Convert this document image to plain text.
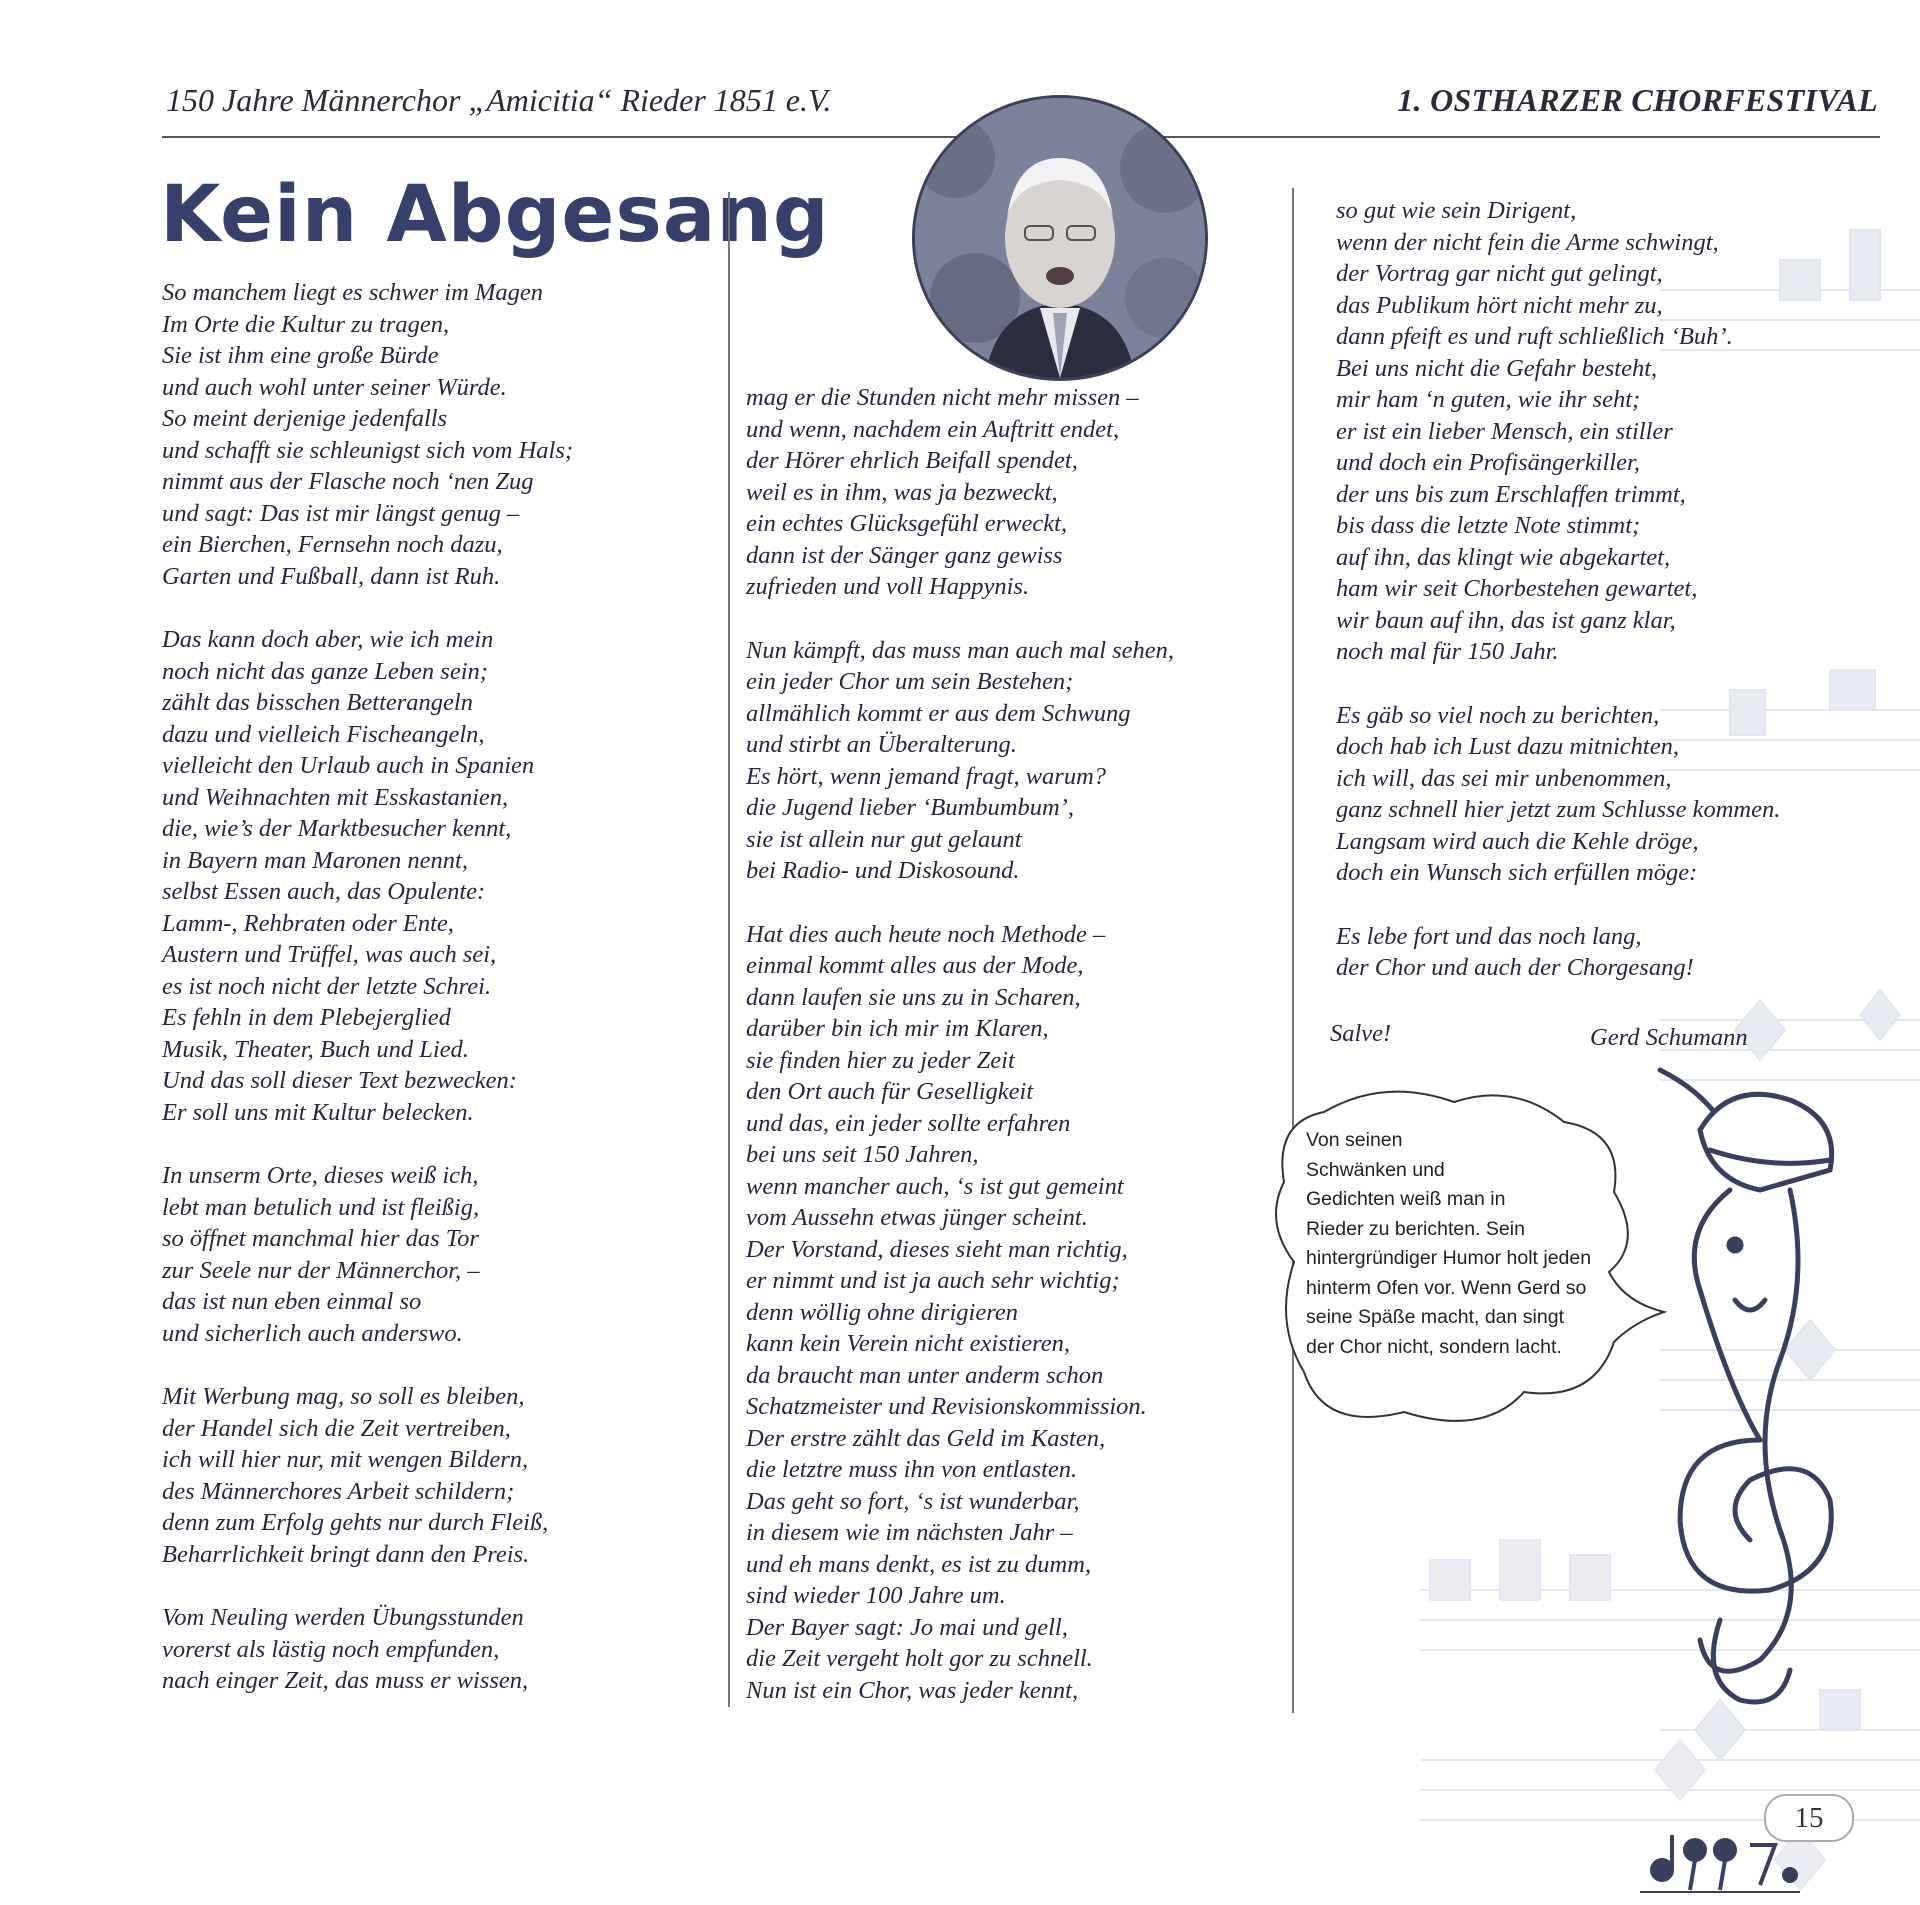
150 Jahre Männerchor „Amicitia“ Rieder 1851 e.V.	1. OSTHARZER CHORFESTIVAL
Kein Abgesang
So manchem liegt es schwer im Magen
Im Orte die Kultur zu tragen,
Sie ist ihm eine große Bürde
und auch wohl unter seiner Würde.
So meint derjenige jedenfalls
und schafft sie schleunigst sich vom Hals;
nimmt aus der Flasche noch ‘nen Zug
und sagt: Das ist mir längst genug –
ein Bierchen, Fernsehn noch dazu,
Garten und Fußball, dann ist Ruh.
Das kann doch aber, wie ich mein
noch nicht das ganze Leben sein;
zählt das bisschen Betterangeln
dazu und vielleich Fischeangeln,
vielleicht den Urlaub auch in Spanien
und Weihnachten mit Esskastanien,
die, wie’s der Marktbesucher kennt,
in Bayern man Maronen nennt,
selbst Essen auch, das Opulente:
Lamm-, Rehbraten oder Ente,
Austern und Trüffel, was auch sei,
es ist noch nicht der letzte Schrei.
Es fehln in dem Plebejerglied
Musik, Theater, Buch und Lied.
Und das soll dieser Text bezwecken:
Er soll uns mit Kultur belecken.
In unserm Orte, dieses weiß ich,
lebt man betulich und ist fleißig,
so öffnet manchmal hier das Tor
zur Seele nur der Männerchor, –
das ist nun eben einmal so
und sicherlich auch anderswo.
Mit Werbung mag, so soll es bleiben,
der Handel sich die Zeit vertreiben,
ich will hier nur, mit wengen Bildern,
des Männerchores Arbeit schildern;
denn zum Erfolg gehts nur durch Fleiß,
Beharrlichkeit bringt dann den Preis.
Vom Neuling werden Übungsstunden
vorerst als lästig noch empfunden,
nach einger Zeit, das muss er wissen,
mag er die Stunden nicht mehr missen –
und wenn, nachdem ein Auftritt endet,
der Hörer ehrlich Beifall spendet,
weil es in ihm, was ja bezweckt,
ein echtes Glücksgefühl erweckt,
dann ist der Sänger ganz gewiss
zufrieden und voll Happynis.
Nun kämpft, das muss man auch mal sehen,
ein jeder Chor um sein Bestehen;
allmählich kommt er aus dem Schwung
und stirbt an Überalterung.
Es hört, wenn jemand fragt, warum?
die Jugend lieber ‘Bumbumbum’,
sie ist allein nur gut gelaunt
bei Radio- und Diskosound.
Hat dies auch heute noch Methode –
einmal kommt alles aus der Mode,
dann laufen sie uns zu in Scharen,
darüber bin ich mir im Klaren,
sie finden hier zu jeder Zeit
den Ort auch für Geselligkeit
und das, ein jeder sollte erfahren
bei uns seit 150 Jahren,
wenn mancher auch, ‘s ist gut gemeint
vom Aussehn etwas jünger scheint.
Der Vorstand, dieses sieht man richtig,
er nimmt und ist ja auch sehr wichtig;
denn wöllig ohne dirigieren
kann kein Verein nicht existieren,
da braucht man unter anderm schon
Schatzmeister und Revisionskommission.
Der erstre zählt das Geld im Kasten,
die letztre muss ihn von entlasten.
Das geht so fort, ‘s ist wunderbar,
in diesem wie im nächsten Jahr –
und eh mans denkt, es ist zu dumm,
sind wieder 100 Jahre um.
Der Bayer sagt: Jo mai und gell,
die Zeit vergeht holt gor zu schnell.
Nun ist ein Chor, was jeder kennt,
so gut wie sein Dirigent,
wenn der nicht fein die Arme schwingt,
der Vortrag gar nicht gut gelingt,
das Publikum hört nicht mehr zu,
dann pfeift es und ruft schließlich ‘Buh’.
Bei uns nicht die Gefahr besteht,
mir ham ‘n guten, wie ihr seht;
er ist ein lieber Mensch, ein stiller
und doch ein Profisängerkiller,
der uns bis zum Erschlaffen trimmt,
bis dass die letzte Note stimmt;
auf ihn, das klingt wie abgekartet,
ham wir seit Chorbestehen gewartet,
wir baun auf ihn, das ist ganz klar,
noch mal für 150 Jahr.
Es gäb so viel noch zu berichten,
doch hab ich Lust dazu mitnichten,
ich will, das sei mir unbenommen,
ganz schnell hier jetzt zum Schlusse kommen.
Langsam wird auch die Kehle dröge,
doch ein Wunsch sich erfüllen möge:
Es lebe fort und das noch lang,
der Chor und auch der Chorgesang!
Salve!	Gerd Schumann
Von seinen
Schwänken und
Gedichten weiß man in
Rieder zu berichten. Sein
hintergründiger Humor holt jeden
hinterm Ofen vor. Wenn Gerd so
seine Späße macht, dan singt
der Chor nicht, sondern lacht.
15
